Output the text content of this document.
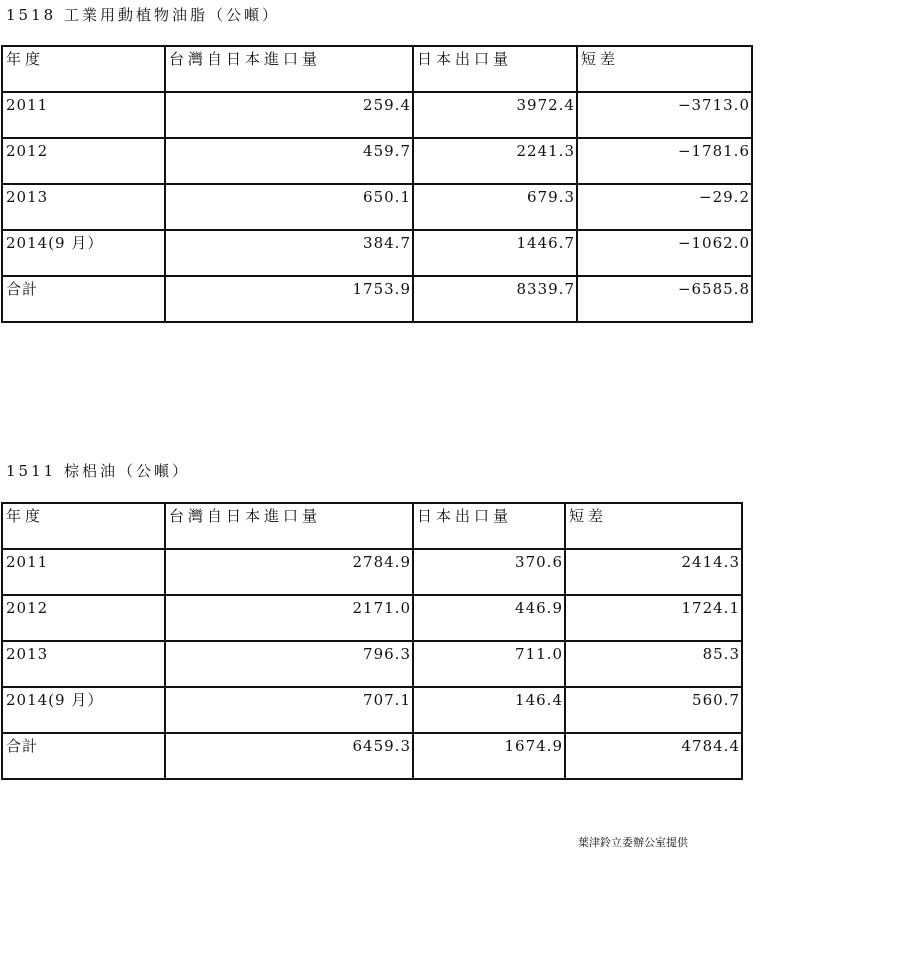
1518 工業用動植物油脂（公噸）
年度	台灣自日本進口量	日本出口量	短差
2011	259.4	3972.4	−3713.0
2012	459.7	2241.3	−1781.6
2013	650.1	679.3	−29.2
2014(9 月）	384.7	1446.7	−1062.0
合計	1753.9	8339.7	−6585.8
1511 棕梠油（公噸）
年度	台灣自日本進口量	日本出口量	短差
2011	2784.9	370.6	2414.3
2012	2171.0	446.9	1724.1
2013	796.3	711.0	85.3
2014(9 月）	707.1	146.4	560.7
合計	6459.3	1674.9	4784.4
葉津鈴立委辦公室提供
